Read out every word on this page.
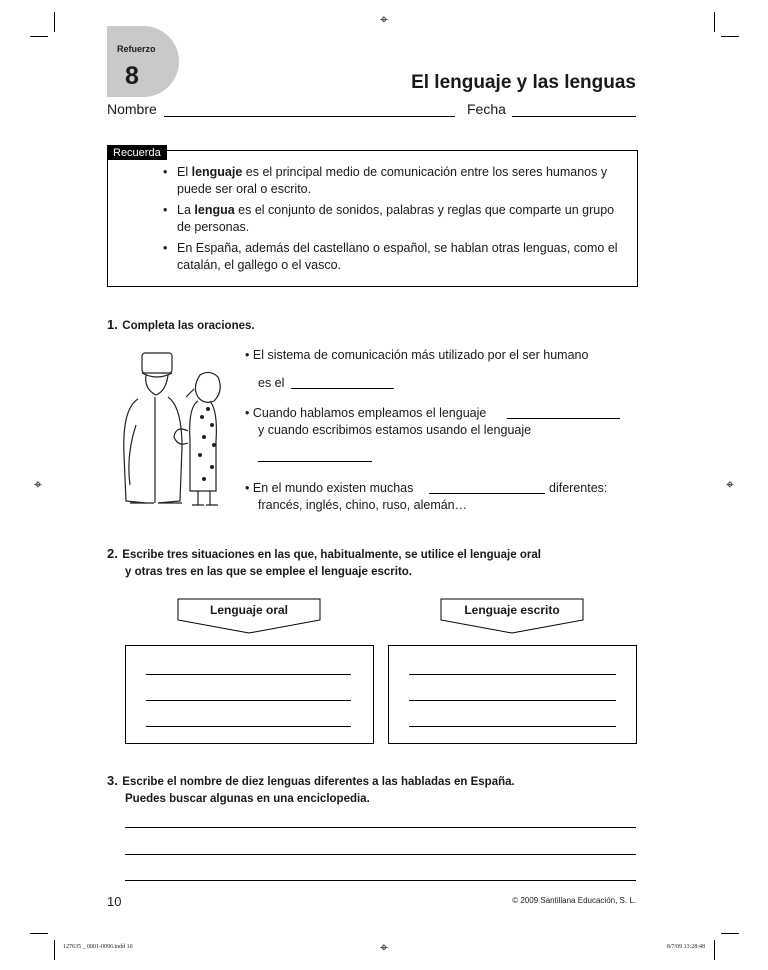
⌖
⌖	⌖
⌖
Refuerzo
8	El lenguaje y las lenguas
Nombre	Fecha
Recuerda
• El lenguaje es el principal medio de comunicación entre los seres humanos y puede ser oral o escrito.
• La lengua es el conjunto de sonidos, palabras y reglas que comparte un grupo de personas.
• En España, además del castellano o español, se hablan otras lenguas, como el catalán, el gallego o el vasco.
1. Completa las oraciones.
• El sistema de comunicación más utilizado por el ser humano
es el
• Cuando hablamos empleamos el lenguaje
y cuando escribimos estamos usando el lenguaje
• En el mundo existen muchas	diferentes:
francés, inglés, chino, ruso, alemán…
2. Escribe tres situaciones en las que, habitualmente, se utilice el lenguaje oral
y otras tres en las que se emplee el lenguaje escrito.
Lenguaje oral	Lenguaje escrito
3. Escribe el nombre de diez lenguas diferentes a las habladas en España.
Puedes buscar algunas en una enciclopedia.
10	© 2009 Santillana Educación, S. L.
127635 _ 0001-0096.indd 10	8/7/09 13:28:48
